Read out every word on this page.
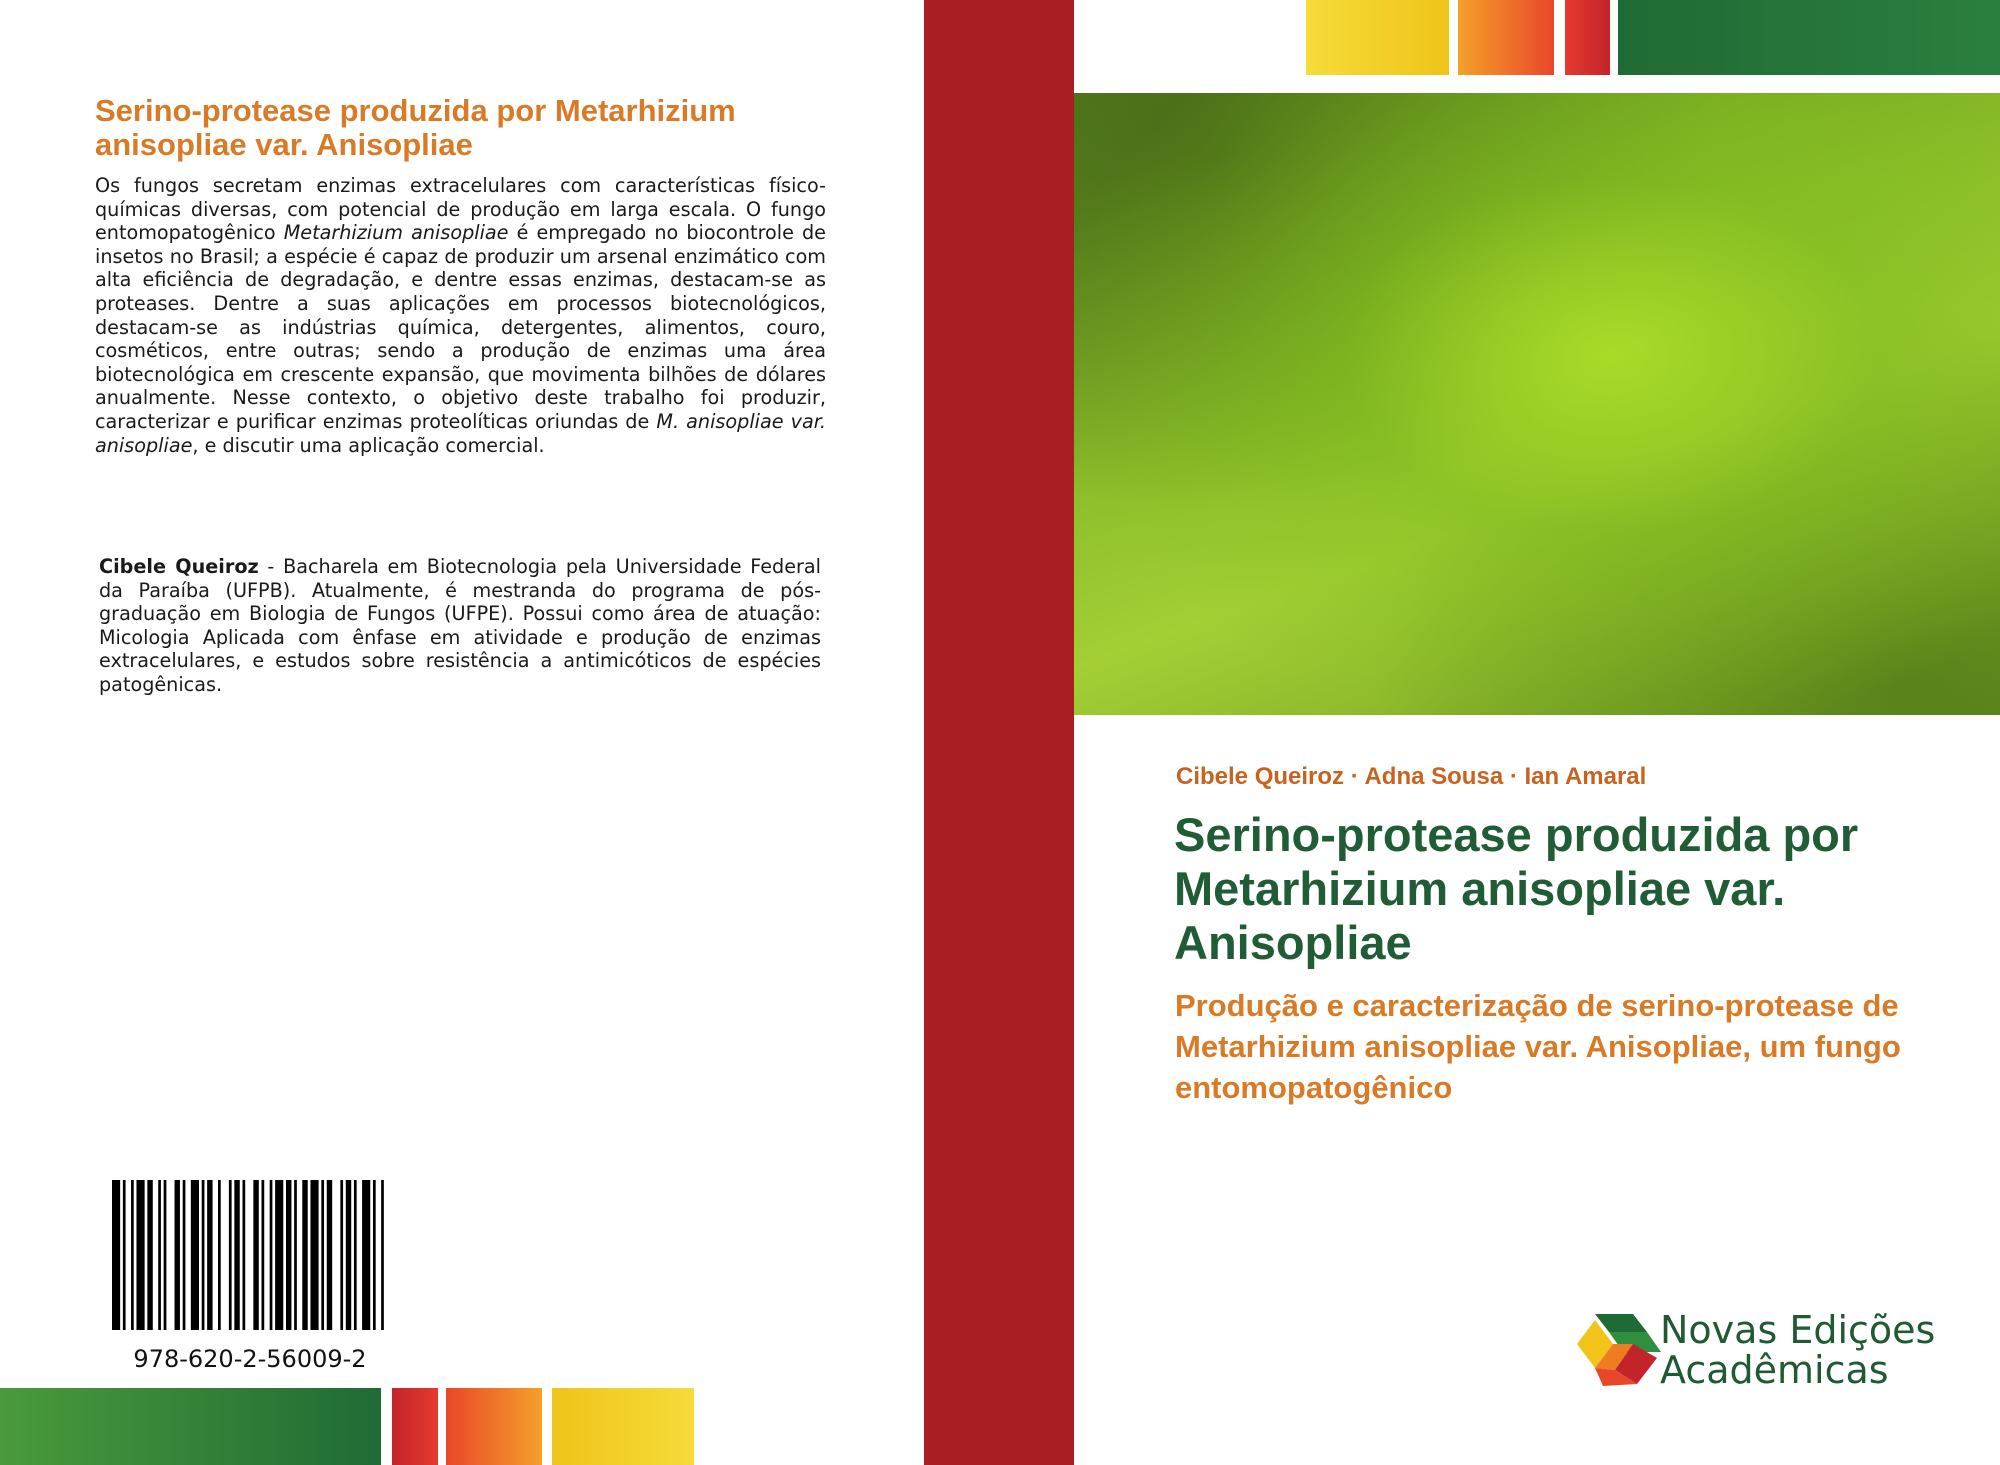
Serino-protease produzida por Metarhizium anisopliae var. Anisopliae

Os fungos secretam enzimas extracelulares com características físico-químicas diversas, com potencial de produção em larga escala. O fungo entomopatogênico Metarhizium anisopliae é empregado no biocontrole de insetos no Brasil; a espécie é capaz de produzir um arsenal enzimático com alta eficiência de degradação, e dentre essas enzimas, destacam-se as proteases. Dentre a suas aplicações em processos biotecnológicos, destacam-se as indústrias química, detergentes, alimentos, couro, cosméticos, entre outras; sendo a produção de enzimas uma área biotecnológica em crescente expansão, que movimenta bilhões de dólares anualmente. Nesse contexto, o objetivo deste trabalho foi produzir, caracterizar e purificar enzimas proteolíticas oriundas de M. anisopliae var. anisopliae, e discutir uma aplicação comercial.

Cibele Queiroz - Bacharela em Biotecnologia pela Universidade Federal da Paraíba (UFPB). Atualmente, é mestranda do programa de pós-graduação em Biologia de Fungos (UFPE). Possui como área de atuação: Micologia Aplicada com ênfase em atividade e produção de enzimas extracelulares, e estudos sobre resistência a antimicóticos de espécies patogênicas.

978-620-2-56009-2
Cibele Queiroz · Adna Sousa · Ian Amaral
Serino-protease produzida por Metarhizium anisopliae var. Anisopliae
Produção e caracterização de serino-protease de Metarhizium anisopliae var. Anisopliae, um fungo entomopatogênico
Novas Edições
Acadêmicas
